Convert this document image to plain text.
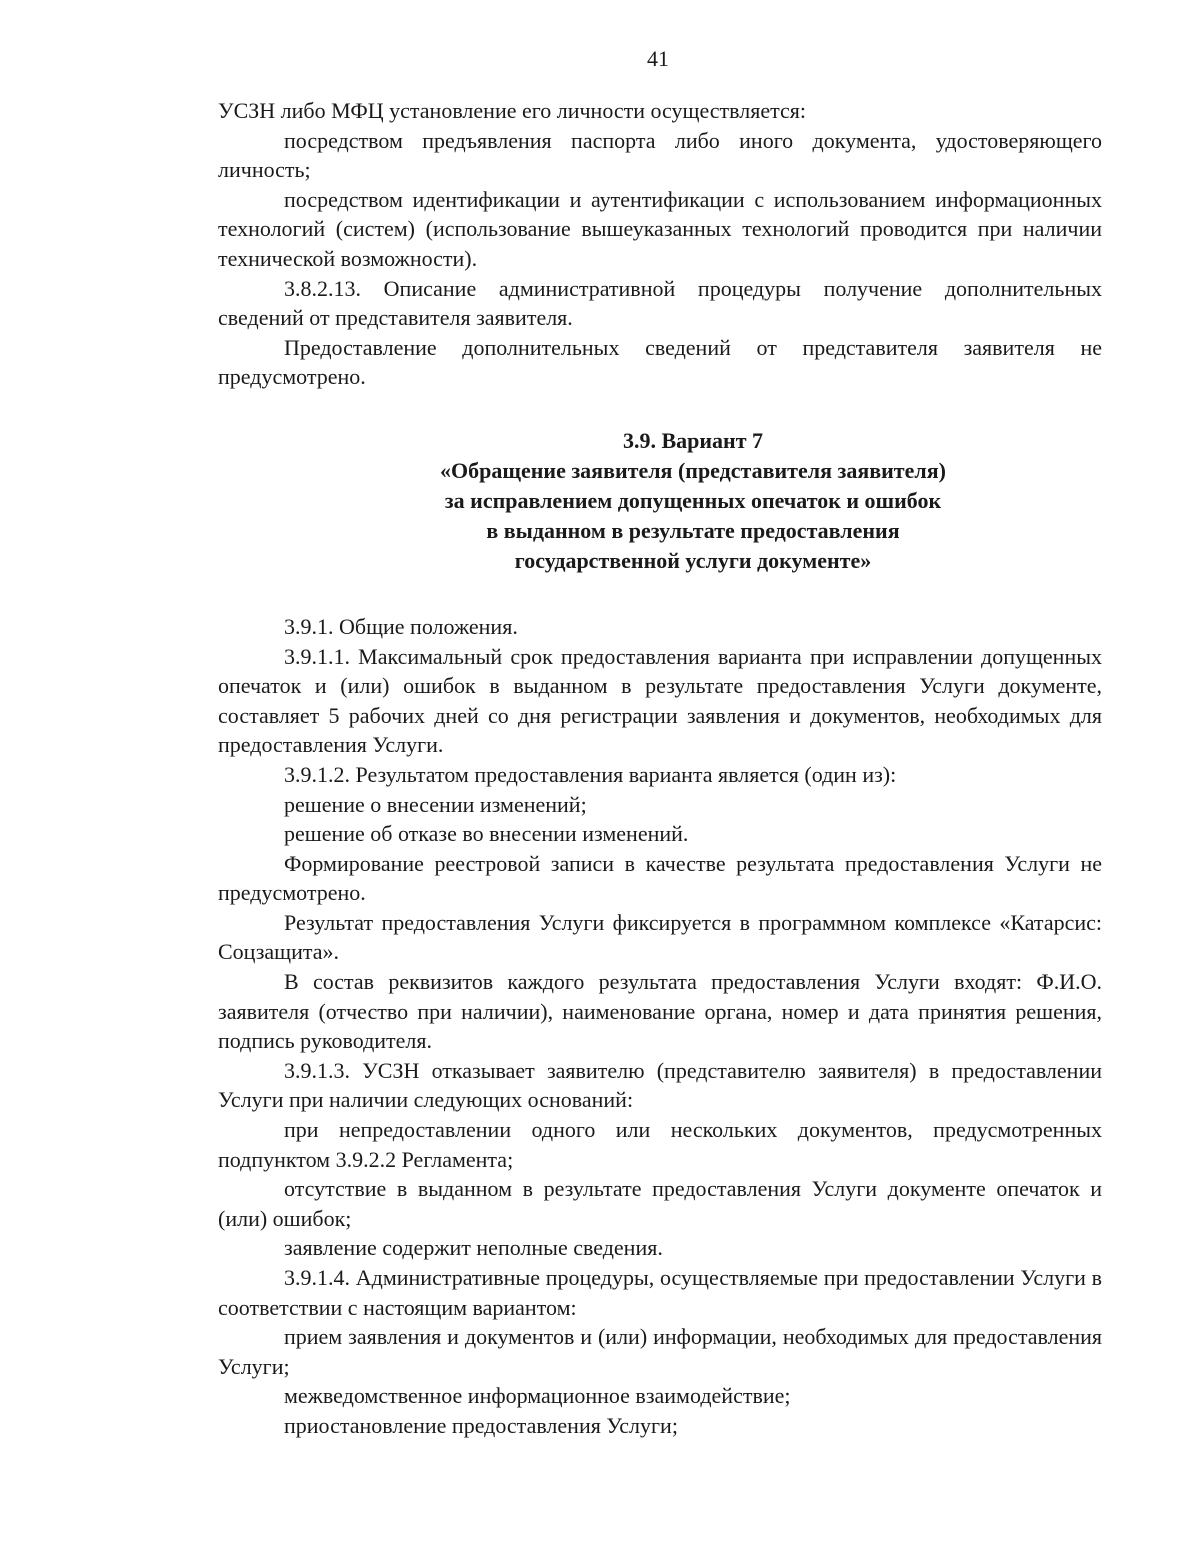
41

УСЗН либо МФЦ установление его личности осуществляется:

посредством предъявления паспорта либо иного документа, удостоверяющего личность;

посредством идентификации и аутентификации с использованием информационных технологий (систем) (использование вышеуказанных технологий проводится при наличии технической возможности).

3.8.2.13. Описание административной процедуры получение дополнительных сведений от представителя заявителя.

Предоставление дополнительных сведений от представителя заявителя не предусмотрено.

3.9. Вариант 7
«Обращение заявителя (представителя заявителя)
за исправлением допущенных опечаток и ошибок
в выданном в результате предоставления
государственной услуги документе»

3.9.1. Общие положения.

3.9.1.1. Максимальный срок предоставления варианта при исправлении допущенных опечаток и (или) ошибок в выданном в результате предоставления Услуги документе, составляет 5 рабочих дней со дня регистрации заявления и документов, необходимых для предоставления Услуги.

3.9.1.2. Результатом предоставления варианта является (один из):

решение о внесении изменений;

решение об отказе во внесении изменений.

Формирование реестровой записи в качестве результата предоставления Услуги не предусмотрено.

Результат предоставления Услуги фиксируется в программном комплексе «Катарсис: Соцзащита».

В состав реквизитов каждого результата предоставления Услуги входят: Ф.И.О. заявителя (отчество при наличии), наименование органа, номер и дата принятия решения, подпись руководителя.

3.9.1.3. УСЗН отказывает заявителю (представителю заявителя) в предоставлении Услуги при наличии следующих оснований:

при непредоставлении одного или нескольких документов, предусмотренных подпунктом 3.9.2.2 Регламента;

отсутствие в выданном в результате предоставления Услуги документе опечаток и (или) ошибок;

заявление содержит неполные сведения.

3.9.1.4. Административные процедуры, осуществляемые при предоставлении Услуги в соответствии с настоящим вариантом:

прием заявления и документов и (или) информации, необходимых для предоставления Услуги;

межведомственное информационное взаимодействие;

приостановление предоставления Услуги;
